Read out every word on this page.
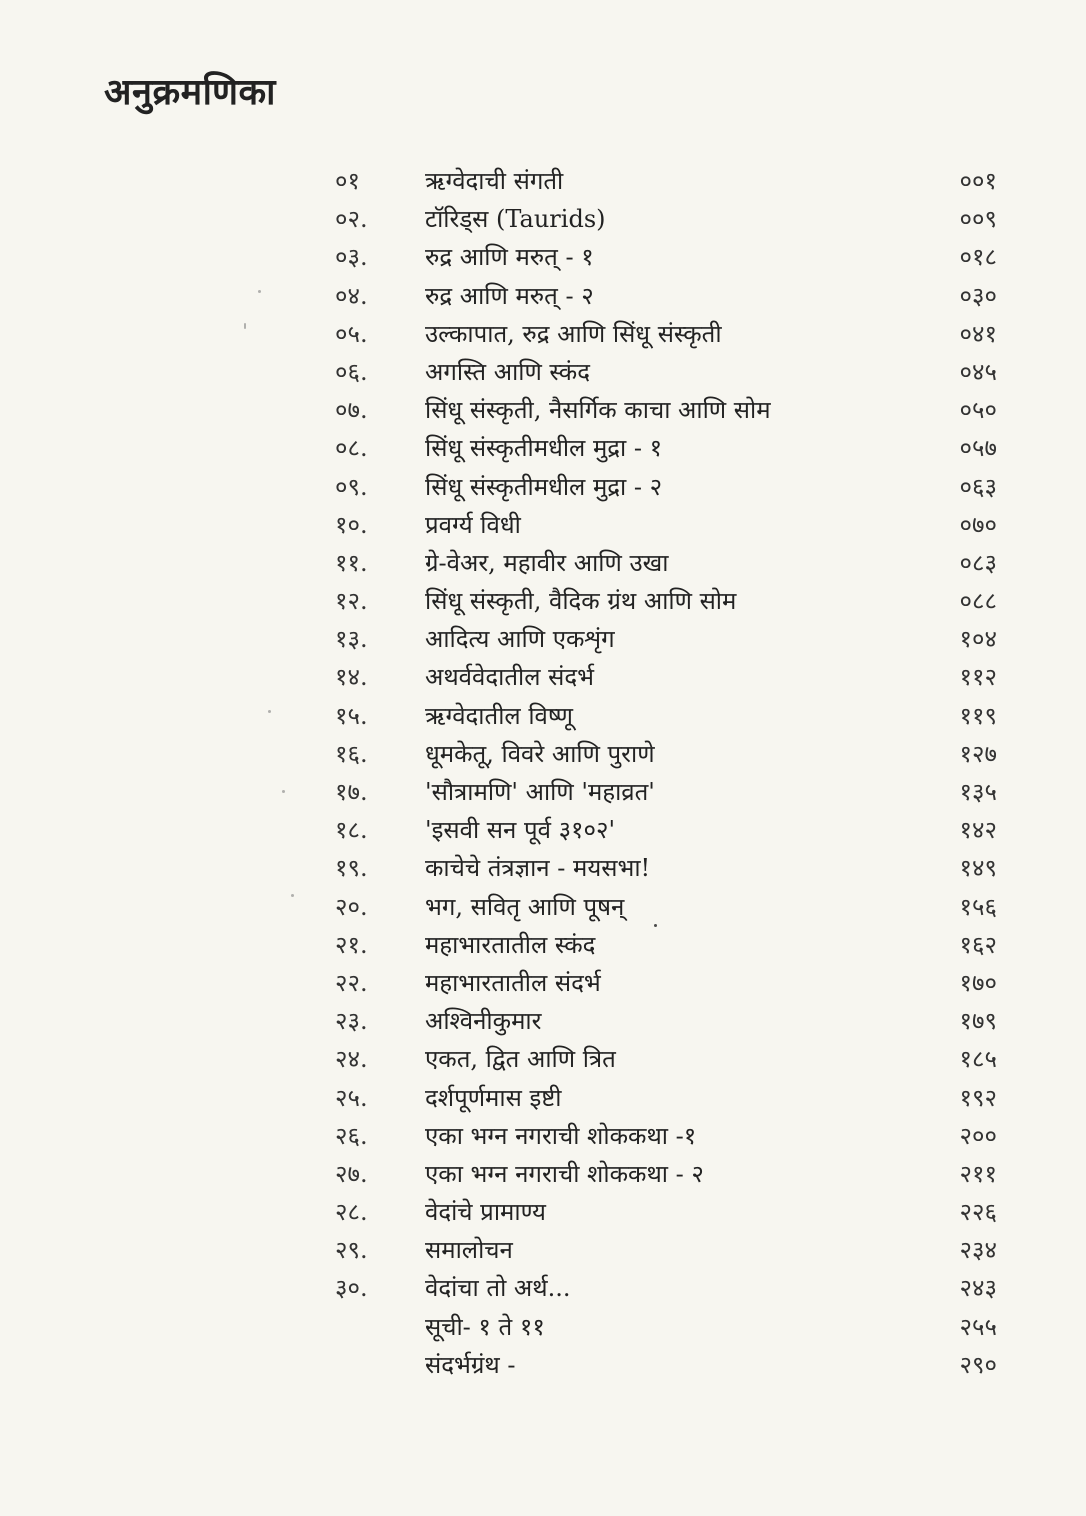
अनुक्रमणिका
०१	ऋग्वेदाची संगती	००१
०२.	टॉरिड्स (Taurids)	००९
०३.	रुद्र आणि मरुत् - १	०१८
०४.	रुद्र आणि मरुत् - २	०३०
०५.	उल्कापात, रुद्र आणि सिंधू संस्कृती	०४१
०६.	अगस्ति आणि स्कंद	०४५
०७.	सिंधू संस्कृती, नैसर्गिक काचा आणि सोम	०५०
०८.	सिंधू संस्कृतीमधील मुद्रा - १	०५७
०९.	सिंधू संस्कृतीमधील मुद्रा - २	०६३
१०.	प्रवर्ग्य विधी	०७०
११.	ग्रे-वेअर, महावीर आणि उखा	०८३
१२.	सिंधू संस्कृती, वैदिक ग्रंथ आणि सोम	०८८
१३.	आदित्य आणि एकशृंग	१०४
१४.	अथर्ववेदातील संदर्भ	११२
१५.	ऋग्वेदातील विष्णू	११९
१६.	धूमकेतू, विवरे आणि पुराणे	१२७
१७.	'सौत्रामणि' आणि 'महाव्रत'	१३५
१८.	'इसवी सन पूर्व ३१०२'	१४२
१९.	काचेचे तंत्रज्ञान - मयसभा!	१४९
२०.	भग, सवितृ आणि पूषन्	१५६
२१.	महाभारतातील स्कंद	१६२
२२.	महाभारतातील संदर्भ	१७०
२३.	अश्विनीकुमार	१७९
२४.	एकत, द्वित आणि त्रित	१८५
२५.	दर्शपूर्णमास इष्टी	१९२
२६.	एका भग्न नगराची शोककथा -१	२००
२७.	एका भग्न नगराची शोककथा - २	२११
२८.	वेदांचे प्रामाण्य	२२६
२९.	समालोचन	२३४
३०.	वेदांचा तो अर्थ...	२४३
सूची- १ ते ११	२५५
संदर्भग्रंथ -	२९०
